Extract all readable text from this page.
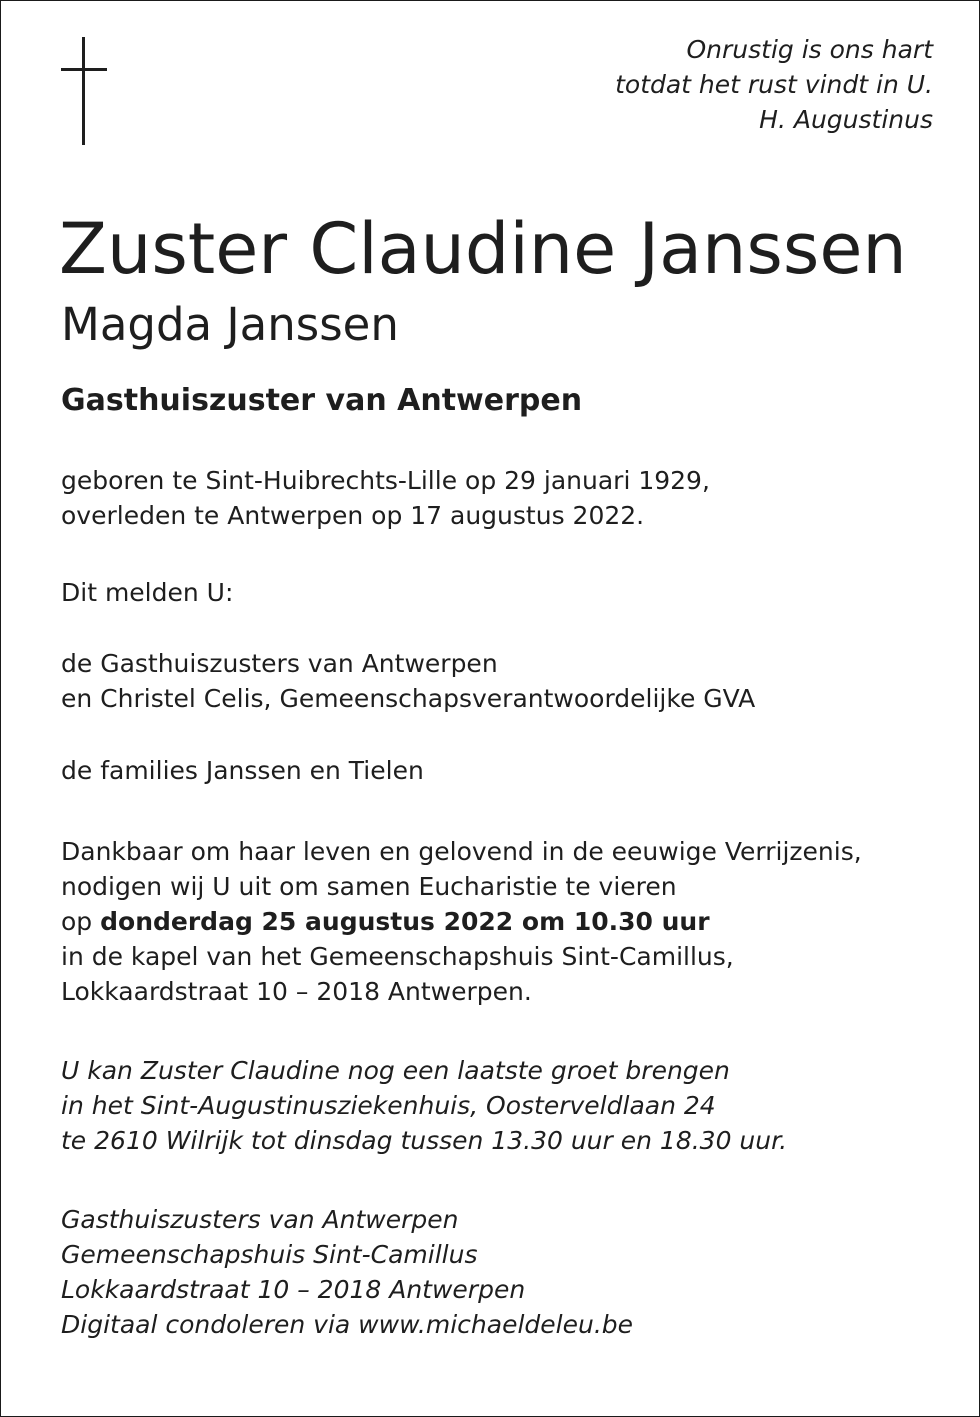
Onrustig is ons hart
totdat het rust vindt in U.
H. Augustinus
Zuster Claudine Janssen
Magda Janssen
Gasthuiszuster van Antwerpen
geboren te Sint-Huibrechts-Lille op 29 januari 1929,
overleden te Antwerpen op 17 augustus 2022.
Dit melden U:
de Gasthuiszusters van Antwerpen
en Christel Celis, Gemeenschapsverantwoordelijke GVA
de families Janssen en Tielen
Dankbaar om haar leven en gelovend in de eeuwige Verrijzenis,
nodigen wij U uit om samen Eucharistie te vieren
op donderdag 25 augustus 2022 om 10.30 uur
in de kapel van het Gemeenschapshuis Sint-Camillus,
Lokkaardstraat 10 – 2018 Antwerpen.
U kan Zuster Claudine nog een laatste groet brengen
in het Sint-Augustinusziekenhuis, Oosterveldlaan 24
te 2610 Wilrijk tot dinsdag tussen 13.30 uur en 18.30 uur.
Gasthuiszusters van Antwerpen
Gemeenschapshuis Sint-Camillus
Lokkaardstraat 10 – 2018 Antwerpen
Digitaal condoleren via www.michaeldeleu.be
